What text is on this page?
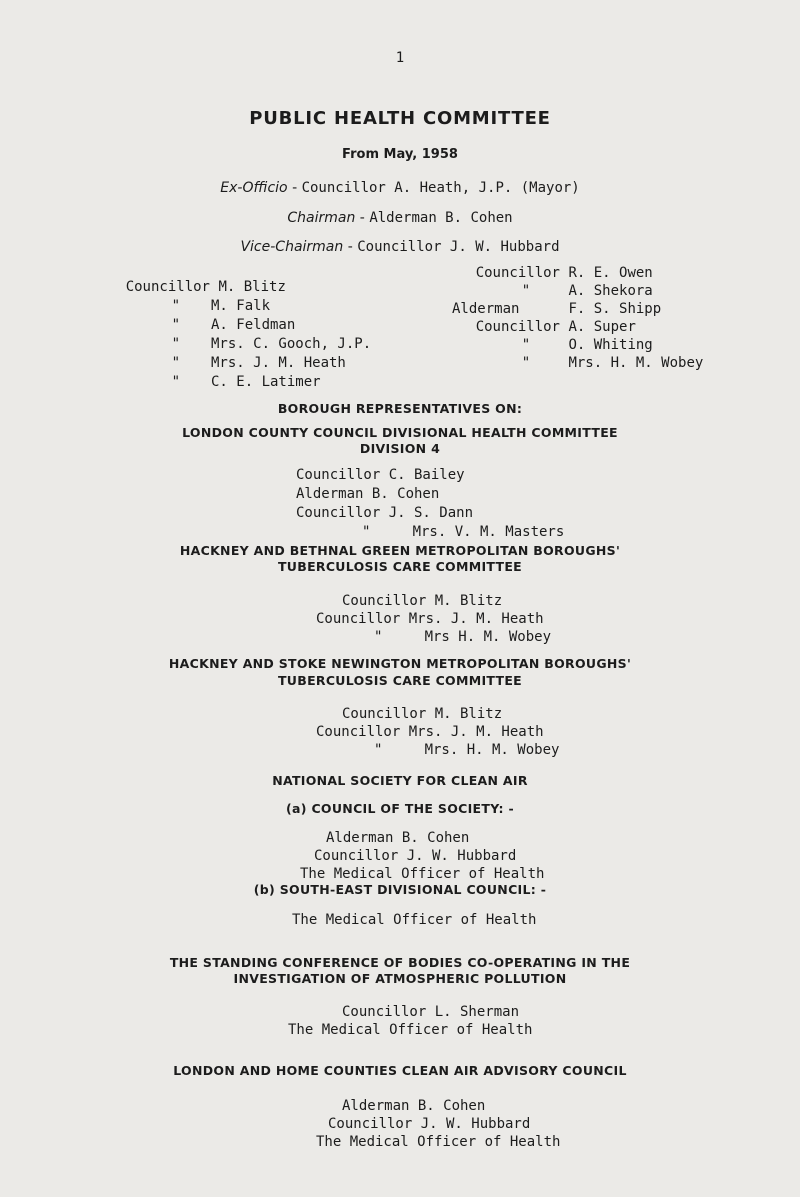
1
PUBLIC HEALTH COMMITTEE
From May, 1958
Ex-Officio - Councillor A. Heath, J.P. (Mayor)
Chairman - Alderman B. Cohen
Vice-Chairman - Councillor J. W. Hubbard
Councillor M. Blitz
" M. Falk
" A. Feldman
" Mrs. C. Gooch, J.P.
" Mrs. J. M. Heath
" C. E. Latimer
Councillor R. E. Owen
"	A. Shekora
Alderman	F. S. Shipp
Councillor A. Super
"	O. Whiting
"	Mrs. H. M. Wobey
BOROUGH REPRESENTATIVES ON:
LONDON COUNTY COUNCIL DIVISIONAL HEALTH COMMITTEE
DIVISION 4
Councillor C. Bailey
Alderman B. Cohen
Councillor J. S. Dann
"     Mrs. V. M. Masters
HACKNEY AND BETHNAL GREEN METROPOLITAN BOROUGHS'
TUBERCULOSIS CARE COMMITTEE
Councillor M. Blitz
Councillor Mrs. J. M. Heath
"     Mrs H. M. Wobey
HACKNEY AND STOKE NEWINGTON METROPOLITAN BOROUGHS'
TUBERCULOSIS CARE COMMITTEE
Councillor M. Blitz
Councillor Mrs. J. M. Heath
"     Mrs. H. M. Wobey
NATIONAL SOCIETY FOR CLEAN AIR
(a) COUNCIL OF THE SOCIETY: -
Alderman B. Cohen
Councillor J. W. Hubbard
The Medical Officer of Health
(b) SOUTH-EAST DIVISIONAL COUNCIL: -
The Medical Officer of Health
THE STANDING CONFERENCE OF BODIES CO-OPERATING IN THE
INVESTIGATION OF ATMOSPHERIC POLLUTION
Councillor L. Sherman
The Medical Officer of Health
LONDON AND HOME COUNTIES CLEAN AIR ADVISORY COUNCIL
Alderman B. Cohen
Councillor J. W. Hubbard
The Medical Officer of Health
